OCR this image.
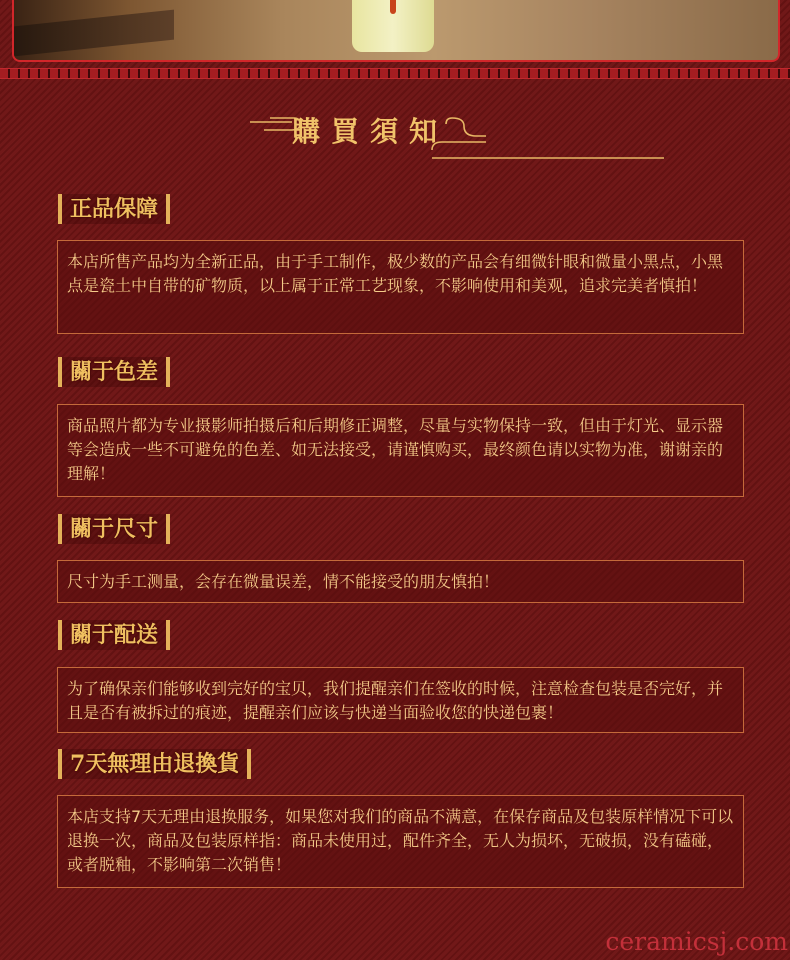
購買須知
正品保障
本店所售产品均为全新正品，由于手工制作，极少数的产品会有细微针眼和微量小黑点，小黑点是瓷土中自带的矿物质，以上属于正常工艺现象，不影响使用和美观，追求完美者慎拍！
關于色差
商品照片都为专业摄影师拍摄后和后期修正调整，尽量与实物保持一致，但由于灯光、显示器等会造成一些不可避免的色差、如无法接受，请谨慎购买，最终颜色请以实物为准，谢谢亲的理解！
關于尺寸
尺寸为手工测量，会存在微量误差，情不能接受的朋友慎拍！
關于配送
为了确保亲们能够收到完好的宝贝，我们提醒亲们在签收的时候，注意检查包装是否完好，并且是否有被拆过的痕迹，提醒亲们应该与快递当面验收您的快递包裹！
7天無理由退換貨
本店支持7天无理由退换服务，如果您对我们的商品不满意，在保存商品及包装原样情况下可以退换一次，商品及包装原样指：商品未使用过，配件齐全，无人为损坏，无破损，没有磕碰，或者脱釉，不影响第二次销售！
ceramicsj.com
